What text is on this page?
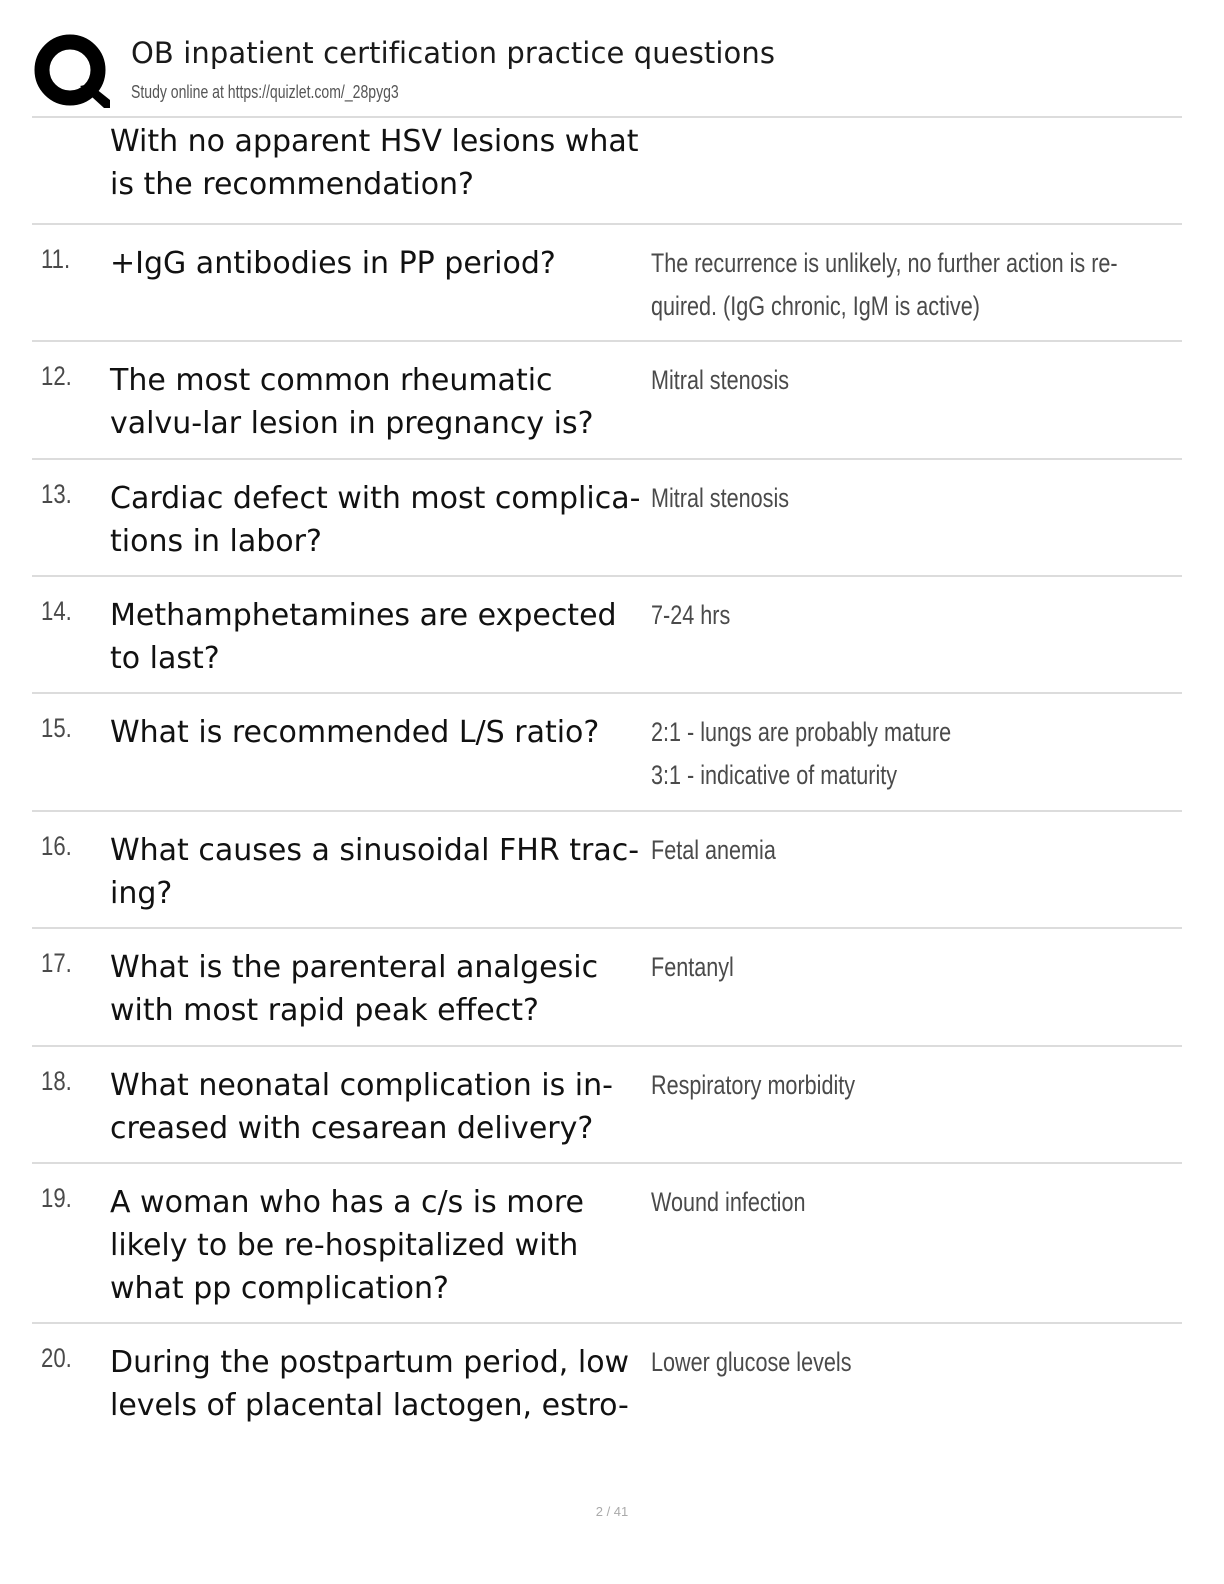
OB inpatient certification practice questions
Study online at https://quizlet.com/_28pyg3
With no apparent HSV lesions what is the recommendation?
11. +IgG antibodies in PP period?	The recurrence is unlikely, no further action is re-
quired. (IgG chronic, IgM is active)
12. The most common rheumatic valvu-lar lesion in pregnancy is?
Mitral stenosis
13. Cardiac defect with most complica-tions in labor?
Mitral stenosis
14. Methamphetamines are expected to last?
7-24 hrs
15. What is recommended L/S ratio?	2:1 - lungs are probably mature
3:1 - indicative of maturity
16. What causes a sinusoidal FHR trac-ing?
Fetal anemia
17. What is the parenteral analgesic with most rapid peak effect?
Fentanyl
18. What neonatal complication is in-creased with cesarean delivery?
Respiratory morbidity
19. A woman who has a c/s is more likely to be re-hospitalized with what pp complication?
Wound infection
20. During the postpartum period, low levels of placental lactogen, estro-
Lower glucose levels
2 / 41
